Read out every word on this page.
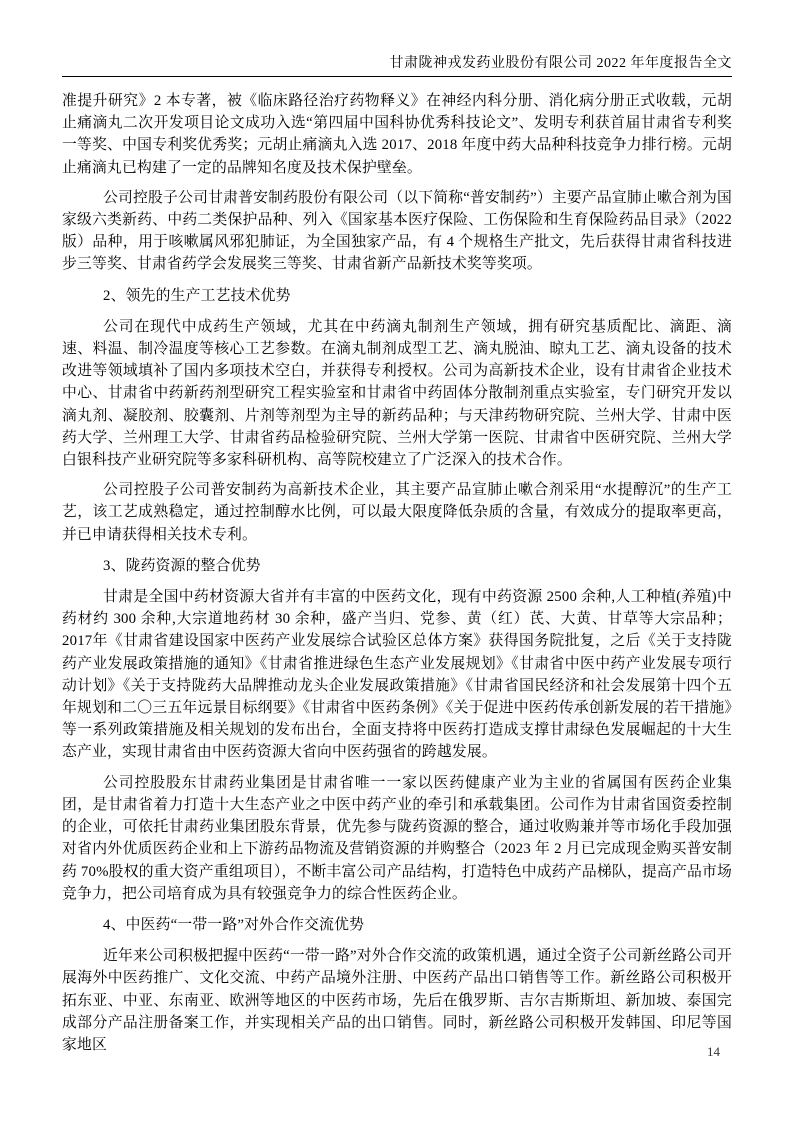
甘肃陇神戎发药业股份有限公司 2022 年年度报告全文

准提升研究》2 本专著，被《临床路径治疗药物释义》在神经内科分册、消化病分册正式收载，元胡止痛滴丸二次开发项目论文成功入选“第四届中国科协优秀科技论文”、发明专利获首届甘肃省专利奖一等奖、中国专利奖优秀奖；元胡止痛滴丸入选 2017、2018 年度中药大品种科技竞争力排行榜。元胡止痛滴丸已构建了一定的品牌知名度及技术保护壁垒。

公司控股子公司甘肃普安制药股份有限公司（以下简称“普安制药”）主要产品宣肺止嗽合剂为国家级六类新药、中药二类保护品种、列入《国家基本医疗保险、工伤保险和生育保险药品目录》（2022版）品种，用于咳嗽属风邪犯肺证，为全国独家产品，有 4 个规格生产批文，先后获得甘肃省科技进步三等奖、甘肃省药学会发展奖三等奖、甘肃省新产品新技术奖等奖项。

2、领先的生产工艺技术优势

公司在现代中成药生产领域，尤其在中药滴丸制剂生产领域，拥有研究基质配比、滴距、滴速、料温、制冷温度等核心工艺参数。在滴丸制剂成型工艺、滴丸脱油、晾丸工艺、滴丸设备的技术改进等领域填补了国内多项技术空白，并获得专利授权。公司为高新技术企业，设有甘肃省企业技术中心、甘肃省中药新药剂型研究工程实验室和甘肃省中药固体分散制剂重点实验室，专门研究开发以滴丸剂、凝胶剂、胶囊剂、片剂等剂型为主导的新药品种；与天津药物研究院、兰州大学、甘肃中医药大学、兰州理工大学、甘肃省药品检验研究院、兰州大学第一医院、甘肃省中医研究院、兰州大学白银科技产业研究院等多家科研机构、高等院校建立了广泛深入的技术合作。

公司控股子公司普安制药为高新技术企业，其主要产品宣肺止嗽合剂采用“水提醇沉”的生产工艺，该工艺成熟稳定，通过控制醇水比例，可以最大限度降低杂质的含量，有效成分的提取率更高，并已申请获得相关技术专利。

3、陇药资源的整合优势

甘肃是全国中药材资源大省并有丰富的中医药文化，现有中药资源 2500 余种,人工种植(养殖)中药材约 300 余种,大宗道地药材 30 余种，盛产当归、党参、黄（红）芪、大黄、甘草等大宗品种；2017年《甘肃省建设国家中医药产业发展综合试验区总体方案》获得国务院批复，之后《关于支持陇药产业发展政策措施的通知》《甘肃省推进绿色生态产业发展规划》《甘肃省中医中药产业发展专项行动计划》《关于支持陇药大品牌推动龙头企业发展政策措施》《甘肃省国民经济和社会发展第十四个五年规划和二〇三五年远景目标纲要》《甘肃省中医药条例》《关于促进中医药传承创新发展的若干措施》等一系列政策措施及相关规划的发布出台，全面支持将中医药打造成支撑甘肃绿色发展崛起的十大生态产业，实现甘肃省由中医药资源大省向中医药强省的跨越发展。

公司控股股东甘肃药业集团是甘肃省唯一一家以医药健康产业为主业的省属国有医药企业集团，是甘肃省着力打造十大生态产业之中医中药产业的牵引和承载集团。公司作为甘肃省国资委控制的企业，可依托甘肃药业集团股东背景，优先参与陇药资源的整合，通过收购兼并等市场化手段加强对省内外优质医药企业和上下游药品物流及营销资源的并购整合（2023 年 2 月已完成现金购买普安制药 70%股权的重大资产重组项目），不断丰富公司产品结构，打造特色中成药产品梯队，提高产品市场竞争力，把公司培育成为具有较强竞争力的综合性医药企业。

4、中医药“一带一路”对外合作交流优势

近年来公司积极把握中医药“一带一路”对外合作交流的政策机遇，通过全资子公司新丝路公司开展海外中医药推广、文化交流、中药产品境外注册、中医药产品出口销售等工作。新丝路公司积极开拓东亚、中亚、东南亚、欧洲等地区的中医药市场，先后在俄罗斯、吉尔吉斯斯坦、新加坡、泰国完成部分产品注册备案工作，并实现相关产品的出口销售。同时，新丝路公司积极开发韩国、印尼等国家地区	14
